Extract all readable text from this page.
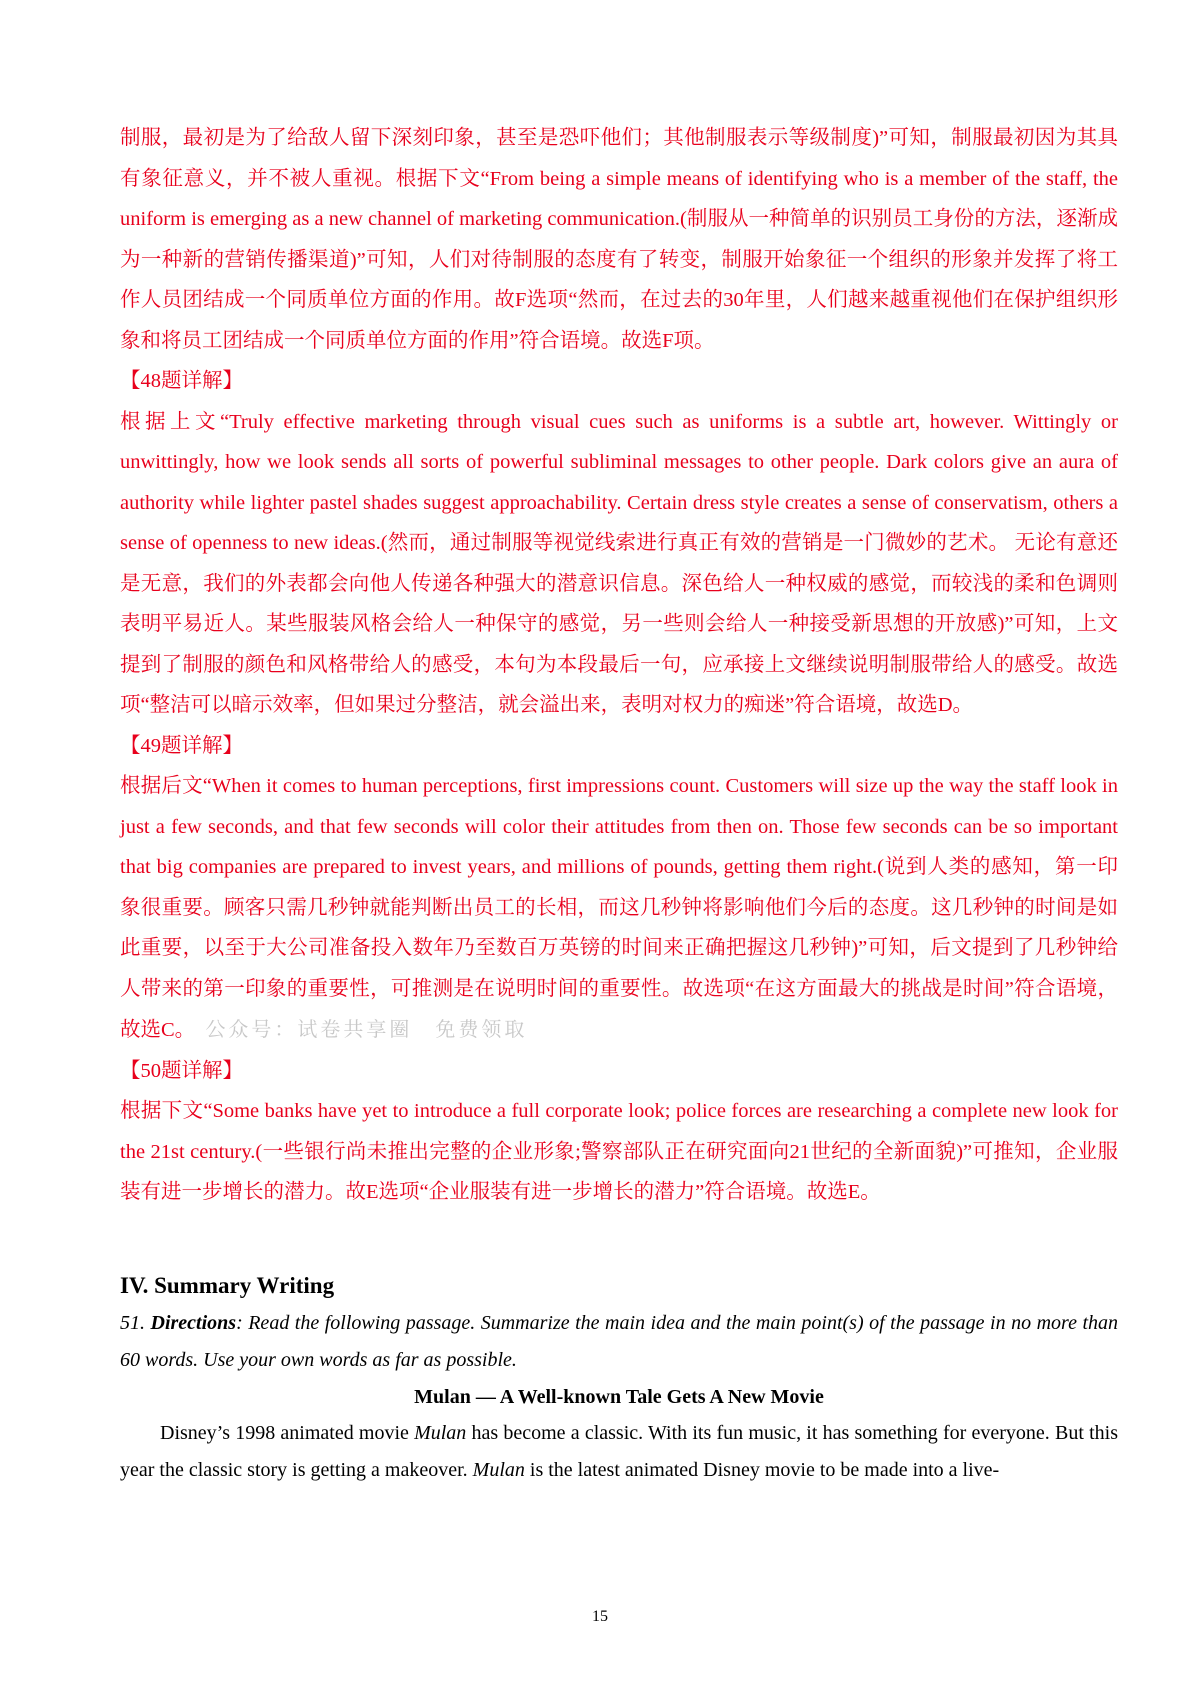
制服，最初是为了给敌人留下深刻印象，甚至是恐吓他们；其他制服表示等级制度)”可知，制服最初因为其具有象征意义，并不被人重视。根据下文“From being a simple means of identifying who is a member of the staff, the uniform is emerging as a new channel of marketing communication.(制服从一种简单的识别员工身份的方法，逐渐成为一种新的营销传播渠道)”可知，人们对待制服的态度有了转变，制服开始象征一个组织的形象并发挥了将工作人员团结成一个同质单位方面的作用。故F选项“然而，在过去的30年里，人们越来越重视他们在保护组织形象和将员工团结成一个同质单位方面的作用”符合语境。故选F项。

【48题详解】

根据上文“Truly effective marketing through visual cues such as uniforms is a subtle art, however. Wittingly or unwittingly, how we look sends all sorts of powerful subliminal messages to other people. Dark colors give an aura of authority while lighter pastel shades suggest approachability. Certain dress style creates a sense of conservatism, others a sense of openness to new ideas.(然而，通过制服等视觉线索进行真正有效的营销是一门微妙的艺术。 无论有意还是无意，我们的外表都会向他人传递各种强大的潜意识信息。深色给人一种权威的感觉，而较浅的柔和色调则表明平易近人。某些服装风格会给人一种保守的感觉，另一些则会给人一种接受新思想的开放感)”可知，上文提到了制服的颜色和风格带给人的感受，本句为本段最后一句，应承接上文继续说明制服带给人的感受。故选项“整洁可以暗示效率，但如果过分整洁，就会溢出来，表明对权力的痴迷”符合语境，故选D。

【49题详解】

根据后文“When it comes to human perceptions, first impressions count. Customers will size up the way the staff look in just a few seconds, and that few seconds will color their attitudes from then on. Those few seconds can be so important that big companies are prepared to invest years, and millions of pounds, getting them right.(说到人类的感知，第一印象很重要。顾客只需几秒钟就能判断出员工的长相，而这几秒钟将影响他们今后的态度。这几秒钟的时间是如此重要，以至于大公司准备投入数年乃至数百万英镑的时间来正确把握这几秒钟)”可知，后文提到了几秒钟给人带来的第一印象的重要性，可推测是在说明时间的重要性。故选项“在这方面最大的挑战是时间”符合语境，故选C。 公众号：试卷共享圈　免费领取

【50题详解】

根据下文“Some banks have yet to introduce a full corporate look; police forces are researching a complete new look for the 21st century.(一些银行尚未推出完整的企业形象;警察部队正在研究面向21世纪的全新面貌)”可推知，企业服装有进一步增长的潜力。故E选项“企业服装有进一步增长的潜力”符合语境。故选E。

IV. Summary Writing

51. Directions: Read the following passage. Summarize the main idea and the main point(s) of the passage in no more than 60 words. Use your own words as far as possible.

Mulan — A Well-known Tale Gets A New Movie

Disney’s 1998 animated movie Mulan has become a classic. With its fun music, it has something for everyone. But this year the classic story is getting a makeover. Mulan is the latest animated Disney movie to be made into a live-

15
